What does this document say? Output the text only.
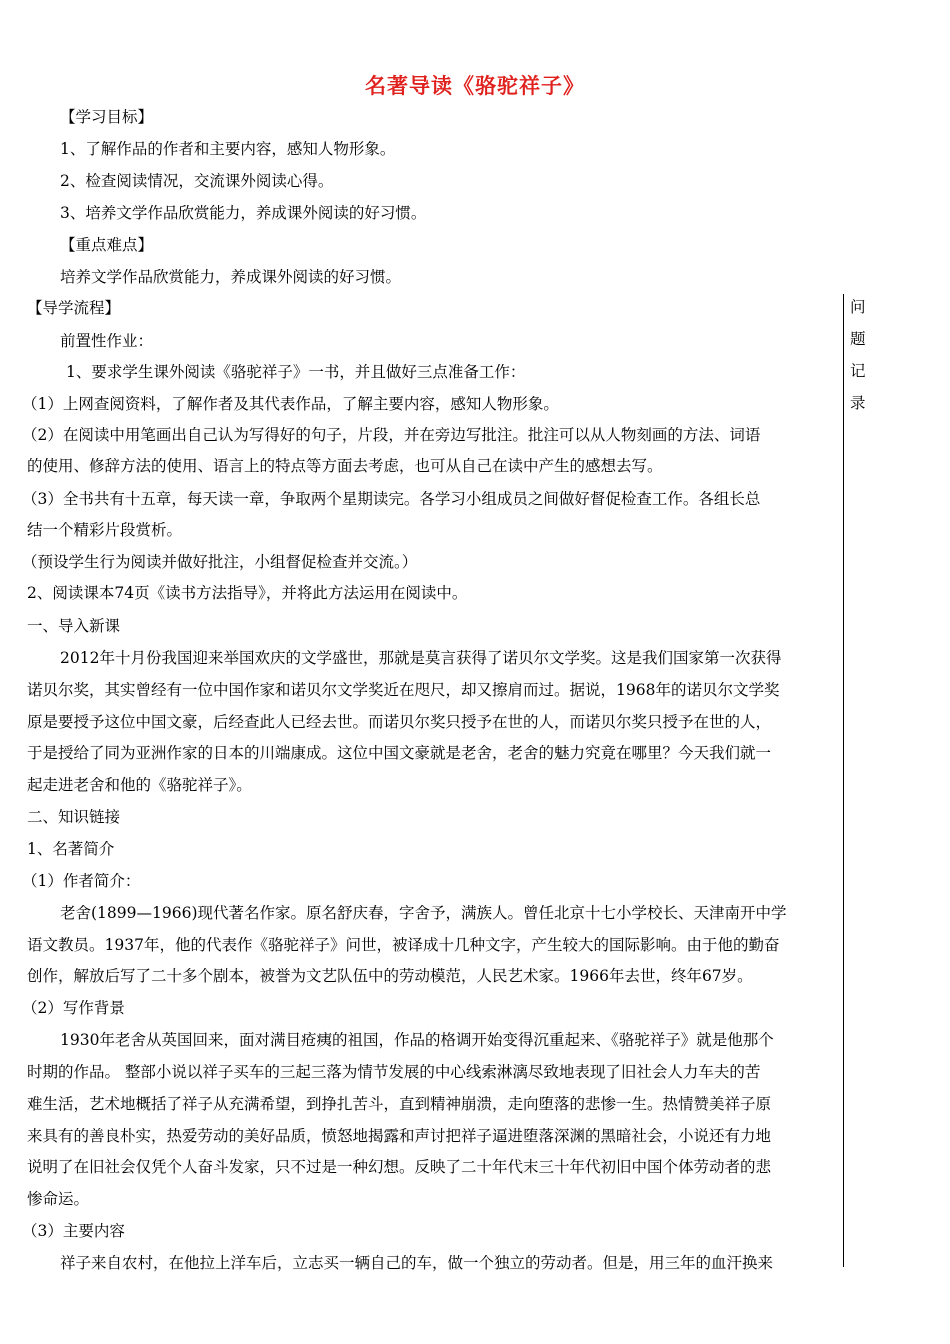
名著导读《骆驼祥子》
问
题
记
录
【学习目标】
1、了解作品的作者和主要内容，感知人物形象。
2、检查阅读情况，交流课外阅读心得。
3、培养文学作品欣赏能力，养成课外阅读的好习惯。
【重点难点】
培养文学作品欣赏能力，养成课外阅读的好习惯。
【导学流程】
前置性作业：
1、要求学生课外阅读《骆驼祥子》一书，并且做好三点准备工作：
（1）上网查阅资料，了解作者及其代表作品，了解主要内容，感知人物形象。
（2）在阅读中用笔画出自己认为写得好的句子，片段，并在旁边写批注。批注可以从人物刻画的方法、词语
的使用、修辞方法的使用、语言上的特点等方面去考虑，也可从自己在读中产生的感想去写。
（3）全书共有十五章，每天读一章，争取两个星期读完。各学习小组成员之间做好督促检查工作。各组长总
结一个精彩片段赏析。
（预设学生行为阅读并做好批注，小组督促检查并交流。）
2、阅读课本74页《读书方法指导》，并将此方法运用在阅读中。
一、导入新课
2012年十月份我国迎来举国欢庆的文学盛世，那就是莫言获得了诺贝尔文学奖。这是我们国家第一次获得
诺贝尔奖，其实曾经有一位中国作家和诺贝尔文学奖近在咫尺，却又擦肩而过。据说，1968年的诺贝尔文学奖
原是要授予这位中国文豪，后经查此人已经去世。而诺贝尔奖只授予在世的人，而诺贝尔奖只授予在世的人，
于是授给了同为亚洲作家的日本的川端康成。这位中国文豪就是老舍，老舍的魅力究竟在哪里？今天我们就一
起走进老舍和他的《骆驼祥子》。
二、知识链接
1、名著简介
（1）作者简介：
老舍(1899—1966)现代著名作家。原名舒庆春，字舍予，满族人。曾任北京十七小学校长、天津南开中学
语文教员。1937年，他的代表作《骆驼祥子》问世，被译成十几种文字，产生较大的国际影响。由于他的勤奋
创作，解放后写了二十多个剧本，被誉为文艺队伍中的劳动模范，人民艺术家。1966年去世，终年67岁。
（2）写作背景
1930年老舍从英国回来，面对满目疮痍的祖国，作品的格调开始变得沉重起来、《骆驼祥子》就是他那个
时期的作品。 整部小说以祥子买车的三起三落为情节发展的中心线索淋漓尽致地表现了旧社会人力车夫的苦
难生活，艺术地概括了祥子从充满希望，到挣扎苦斗，直到精神崩溃，走向堕落的悲惨一生。热情赞美祥子原
来具有的善良朴实，热爱劳动的美好品质，愤怒地揭露和声讨把祥子逼进堕落深渊的黑暗社会，小说还有力地
说明了在旧社会仅凭个人奋斗发家，只不过是一种幻想。反映了二十年代末三十年代初旧中国个体劳动者的悲
惨命运。
（3）主要内容
祥子来自农村，在他拉上洋车后，立志买一辆自己的车，做一个独立的劳动者。但是，用三年的血汗换来
